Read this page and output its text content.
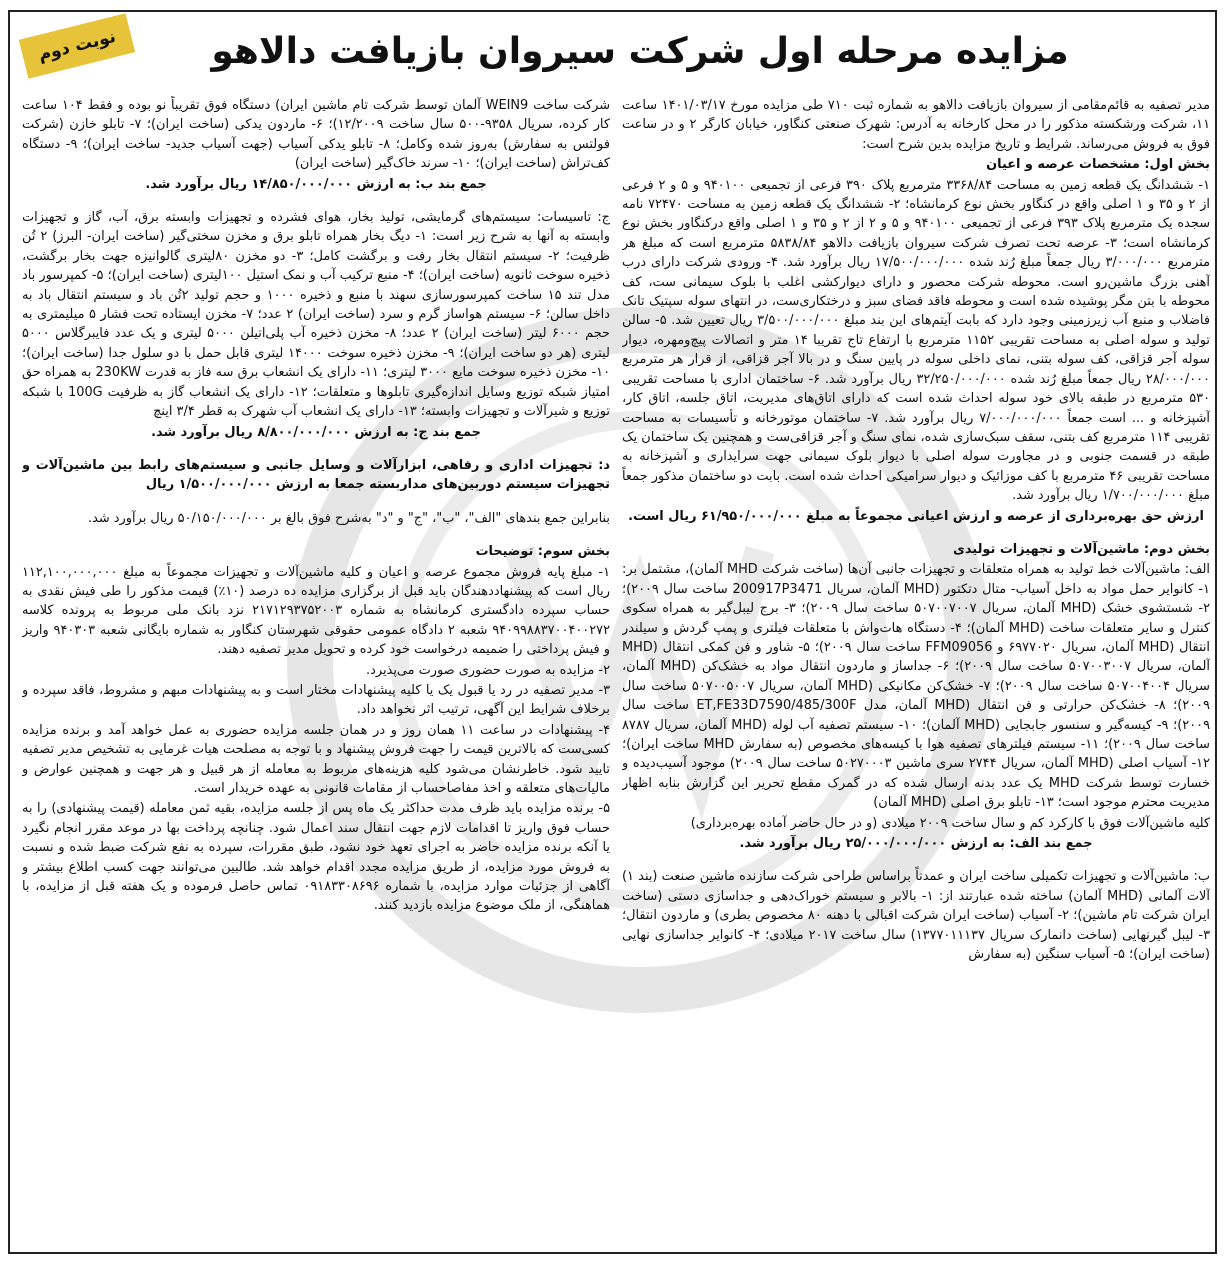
نوبت دوم	مزایده مرحله اول شرکت سیروان بازیافت دالاهو

مدیر تصفیه به قائم‌مقامی از سیروان بازیافت دالاهو به شماره ثبت ۷۱۰ طی مزایده مورخ ۱۴۰۱/۰۳/۱۷ ساعت ۱۱، شرکت ورشکسته مذکور را در محل کارخانه به آدرس: شهرک صنعتی کنگاور، خیابان کارگر ۲ و در ساعت فوق به فروش می‌رساند. شرایط و تاریخ مزایده بدین شرح است:

بخش اول: مشخصات عرصه و اعیان

۱- ششدانگ یک قطعه زمین به مساحت ۳۳۶۸/۸۴ مترمربع پلاک ۳۹۰ فرعی از تجمیعی ۹۴۰۱۰۰ و ۵ و ۲ فرعی از ۲ و ۳۵ و ۱ اصلی واقع در کنگاور بخش نوع کرمانشاه؛ ۲- ششدانگ یک قطعه زمین به مساحت ۷۲۴۷۰ نامه سجده یک مترمربع پلاک ۳۹۳ فرعی از تجمیعی ۹۴۰۱۰۰ و ۵ و ۲ از ۲ و ۳۵ و ۱ اصلی واقع درکنگاور بخش نوع کرمانشاه است؛ ۳- عرصه تحت تصرف شرکت سیروان بازیافت دالاهو ۵۸۳۸/۸۴ مترمربع است که مبلغ هر مترمربع ۳/۰۰۰/۰۰۰ ریال جمعاً مبلغ رُند شده ۱۷/۵۰۰/۰۰۰/۰۰۰ ریال برآورد شد. ۴- ورودی شرکت دارای درب آهنی بزرگ ماشین‌رو است. محوطه شرکت محصور و دارای دیوارکشی اغلب با بلوک سیمانی ست، کف محوطه با بتن مگر پوشیده شده است و محوطه فاقد فضای سبز و درختکاری‌ست، در انتهای سوله سپتیک تانک فاضلاب و منبع آب زیرزمینی وجود دارد که بابت آیتم‌های این بند مبلغ ۳/۵۰۰/۰۰۰/۰۰۰ ریال تعیین شد. ۵- سالن تولید و سوله اصلی به مساحت تقریبی ۱۱۵۲ مترمربع با ارتفاع تاج تقریبا ۱۴ متر و اتصالات پیچ‌ومهره، دیوار سوله آجر قزاقی، کف سوله بتنی، نمای داخلی سوله در پایین سنگ و در بالا آجر قزاقی، از قرار هر مترمربع ۲۸/۰۰۰/۰۰۰ ریال جمعاً مبلغ رُند شده ۳۲/۲۵۰/۰۰۰/۰۰۰ ریال برآورد شد. ۶- ساختمان اداری با مساحت تقریبی ۵۳۰ مترمربع در طبقه بالای خود سوله احداث شده است که دارای اتاق‌های مدیریت، اتاق جلسه، اتاق کار، آشپزخانه و ... است جمعاً ۷/۰۰۰/۰۰۰/۰۰۰ ریال برآورد شد. ۷- ساختمان موتورخانه و تأسیسات به مساحت تقریبی ۱۱۴ مترمربع کف بتنی، سقف سبک‌سازی شده، نمای سنگ و آجر قزاقی‌ست و همچنین یک ساختمان یک طبقه در قسمت جنوبی و در مجاورت سوله اصلی با دیوار بلوک سیمانی جهت سرایداری و آشپزخانه به مساحت تقریبی ۴۶ مترمربع با کف موزائیک و دیوار سرامیکی احداث شده است. بابت دو ساختمان مذکور جمعاً مبلغ ۱/۷۰۰/۰۰۰/۰۰۰ ریال برآورد شد.

ارزش حق بهره‌برداری از عرصه و ارزش اعیانی مجموعاً به مبلغ ۶۱/۹۵۰/۰۰۰/۰۰۰ ریال است.

بخش دوم: ماشین‌آلات و تجهیزات تولیدی

الف: ماشین‌آلات خط تولید به همراه متعلقات و تجهیزات جانبی آن‌ها (ساخت شرکت MHD آلمان)، مشتمل بر: ۱- کانوایر حمل مواد به داخل آسیاب- متال دتکتور (MHD آلمان، سریال 200917P3471 ساخت سال ۲۰۰۹)؛ ۲- شستشوی خشک (MHD آلمان، سریال ۵۰۷۰۰۷۰۰۷ ساخت سال ۲۰۰۹)؛ ۳- برج لیبل‌گیر به همراه سکوی کنترل و سایر متعلقات ساخت (MHD آلمان)؛ ۴- دستگاه هات‌واش با متعلقات فیلتری و پمپ گردش و سیلندر انتقال (MHD آلمان، سریال ۶۹۷۷۰۲۰ و FFM09056 ساخت سال ۲۰۰۹)؛ ۵- شاور و فن کمکی انتقال (MHD آلمان، سریال ۵۰۷۰۰۳۰۰۷ ساخت سال ۲۰۰۹)؛ ۶- جداساز و ماردون انتقال مواد به خشک‌کن (MHD آلمان، سریال ۵۰۷۰۰۴۰۰۴ ساخت سال ۲۰۰۹)؛ ۷- خشک‌کن مکانیکی (MHD آلمان، سریال ۵۰۷۰۰۵۰۰۷ ساخت سال ۲۰۰۹)؛ ۸- خشک‌کن حرارتی و فن انتقال (MHD آلمان، مدل ET,FE33D7590/485/300F ساخت سال ۲۰۰۹)؛ ۹- کیسه‌گیر و سنسور جابجایی (MHD آلمان)؛ ۱۰- سیستم تصفیه آب لوله (MHD آلمان، سریال ۸۷۸۷ ساخت سال ۲۰۰۹)؛ ۱۱- سیستم فیلترهای تصفیه هوا با کیسه‌های مخصوص (به سفارش MHD ساخت ایران)؛ ۱۲- آسیاب اصلی (MHD آلمان، سریال ۲۷۴۴ سری ماشین ۵۰۲۷۰۰۰۳ ساخت سال ۲۰۰۹) موجود آسیب‌دیده و خسارت توسط شرکت MHD یک عدد بدنه ارسال شده که در گمرک مقطع تحریر این گزارش بنابه اظهار مدیریت محترم موجود است؛ ۱۳- تابلو برق اصلی (MHD آلمان)

کلیه ماشین‌آلات فوق با کارکرد کم و سال ساخت ۲۰۰۹ میلادی (و در حال حاضر آماده بهره‌برداری)

جمع بند الف: به ارزش ۲۵/۰۰۰/۰۰۰/۰۰۰ ریال برآورد شد.

ب: ماشین‌آلات و تجهیزات تکمیلی ساخت ایران و عمدتاً براساس طراحی شرکت سازنده ماشین صنعت (بند ۱) آلات آلمانی (MHD آلمان) ساخته شده عبارتند از: ۱- بالابر و سیستم خوراک‌دهی و جداسازی دستی (ساخت ایران شرکت تام ماشین)؛ ۲- آسیاب (ساخت ایران شرکت اقبالی با دهنه ۸۰ مخصوص بطری) و ماردون انتقال؛ ۳- لیبل گیرنهایی (ساخت دانمارک سریال ۱۳۷۷۰۱۱۱۳۷) سال ساخت ۲۰۱۷ میلادی؛ ۴- کانوایر جداسازی نهایی (ساخت ایران)؛ ۵- آسیاب سنگین (به سفارش

شرکت ساخت WEIN9 آلمان توسط شرکت تام ماشین ایران) دستگاه فوق تقریباً نو بوده و فقط ۱۰۴ ساعت کار کرده، سریال ۹۳۵۸-۵۰۰ سال ساخت ۱۲/۲۰۰۹)؛ ۶- ماردون یدکی (ساخت ایران)؛ ۷- تابلو خازن (شرکت فولتس به سفارش) به‌روز شده وکامل؛ ۸- تابلو یدکی آسیاب (جهت آسیاب جدید- ساخت ایران)؛ ۹- دستگاه کف‌تراش (ساخت ایران)؛ ۱۰- سرند خاک‌گیر (ساخت ایران)

جمع بند ب: به ارزش ۱۴/۸۵۰/۰۰۰/۰۰۰ ریال برآورد شد.

ج: تاسیسات: سیستم‌های گرمایشی، تولید بخار، هوای فشرده و تجهیزات وابسته برق، آب، گاز و تجهیزات وابسته به آنها به شرح زیر است: ۱- دیگ بخار همراه تابلو برق و مخزن سختی‌گیر (ساخت ایران- البرز) ۲ تُن ظرفیت؛ ۲- سیستم انتقال بخار رفت و برگشت کامل؛ ۳- دو مخزن ۸۰لیتری گالوانیزه جهت بخار برگشت، ذخیره سوخت ثانویه (ساخت ایران)؛ ۴- منبع ترکیب آب و نمک استیل ۱۰۰لیتری (ساخت ایران)؛ ۵- کمپرسور باد مدل تند ۱۵ ساخت کمپرسورسازی سهند با منبع و ذخیره ۱۰۰۰ و حجم تولید ۲تُن باد و سیستم انتقال باد به داخل سالن؛ ۶- سیستم هواساز گرم و سرد (ساخت ایران) ۲ عدد؛ ۷- مخزن ایستاده تحت فشار ۵ میلیمتری به حجم ۶۰۰۰ لیتر (ساخت ایران) ۲ عدد؛ ۸- مخزن ذخیره آب پلی‌اتیلن ۵۰۰۰ لیتری و یک عدد فایبرگلاس ۵۰۰۰ لیتری (هر دو ساخت ایران)؛ ۹- مخزن ذخیره سوخت ۱۴۰۰۰ لیتری قابل حمل با دو سلول جدا (ساخت ایران)؛ ۱۰- مخزن ذخیره سوخت مایع ۳۰۰۰ لیتری؛ ۱۱- دارای یک انشعاب برق سه فاز به قدرت 230KW به همراه حق امتیاز شبکه توزیع وسایل اندازه‌گیری تابلوها و متعلقات؛ ۱۲- دارای یک انشعاب گاز به ظرفیت 100G با شبکه توزیع و شیرآلات و تجهیزات وابسته؛ ۱۳- دارای یک انشعاب آب شهرک به قطر ۳/۴ اینچ

جمع بند ج: به ارزش ۸/۸۰۰/۰۰۰/۰۰۰ ریال برآورد شد.

د: تجهیزات اداری و رفاهی، ابزارآلات و وسایل جانبی و سیستم‌های رابط بین ماشین‌آلات و تجهیزات سیستم دوربین‌های مداربسته جمعا به ارزش ۱/۵۰۰/۰۰۰/۰۰۰ ریال

بنابراین جمع بندهای "الف"، "ب"، "ج" و "د" به‌شرح فوق بالغ بر ۵۰/۱۵۰/۰۰۰/۰۰۰ ریال برآورد شد.

بخش سوم: توضیحات

۱- مبلغ پایه فروش مجموع عرصه و اعیان و کلیه ماشین‌آلات و تجهیزات مجموعاً به مبلغ ۱۱۲,۱۰۰,۰۰۰,۰۰۰ ریال است که پیشنهاددهندگان باید قبل از برگزاری مزایده ده درصد (۱۰٪) قیمت مذکور را طی فیش نقدی به حساب سپرده دادگستری کرمانشاه به شماره ۲۱۷۱۲۹۳۷۵۲۰۰۳ نزد بانک ملی مربوط به پرونده کلاسه ۹۴۰۹۹۸۸۳۷۰۰۴۰۰۲۷۲ شعبه ۲ دادگاه عمومی حقوقی شهرستان کنگاور به شماره بایگانی شعبه ۹۴۰۳۰۳ واریز و فیش پرداختی را ضمیمه درخواست خود کرده و تحویل مدیر تصفیه دهند.

۲- مزایده به صورت حضوری صورت می‌پذیرد.

۳- مدیر تصفیه در رد یا قبول یک یا کلیه پیشنهادات مختار است و به پیشنهادات مبهم و مشروط، فاقد سپرده و برخلاف شرایط این آگهی، ترتیب اثر نخواهد داد.

۴- پیشنهادات در ساعت ۱۱ همان روز و در همان جلسه مزایده حضوری به عمل خواهد آمد و برنده مزایده کسی‌ست که بالاترین قیمت را جهت فروش پیشنهاد و با توجه به مصلحت هیات غرمایی به تشخیص مدیر تصفیه تایید شود. خاطرنشان می‌شود کلیه هزینه‌های مربوط به معامله از هر قبیل و هر جهت و همچنین عوارض و مالیات‌های متعلقه و اخذ مفاصاحساب از مقامات قانونی به عهده خریدار است.

۵- برنده مزایده باید ظرف مدت حداکثر یک ماه پس از جلسه مزایده، بقیه ثمن معامله (قیمت پیشنهادی) را به حساب فوق واریز تا اقدامات لازم جهت انتقال سند اعمال شود. چنانچه پرداخت بها در موعد مقرر انجام نگیرد یا آنکه برنده مزایده حاضر به اجرای تعهد خود نشود، طبق مقررات، سپرده به نفع شرکت ضبط شده و نسبت به فروش مورد مزایده، از طریق مزایده مجدد اقدام خواهد شد. طالبین می‌توانند جهت کسب اطلاع بیشتر و آگاهی از جزئیات موارد مزایده، با شماره ۰۹۱۸۳۳۰۸۶۹۶ تماس حاصل فرموده و یک هفته قبل از مزایده، با هماهنگی، از ملک موضوع مزایده بازدید کنند.
